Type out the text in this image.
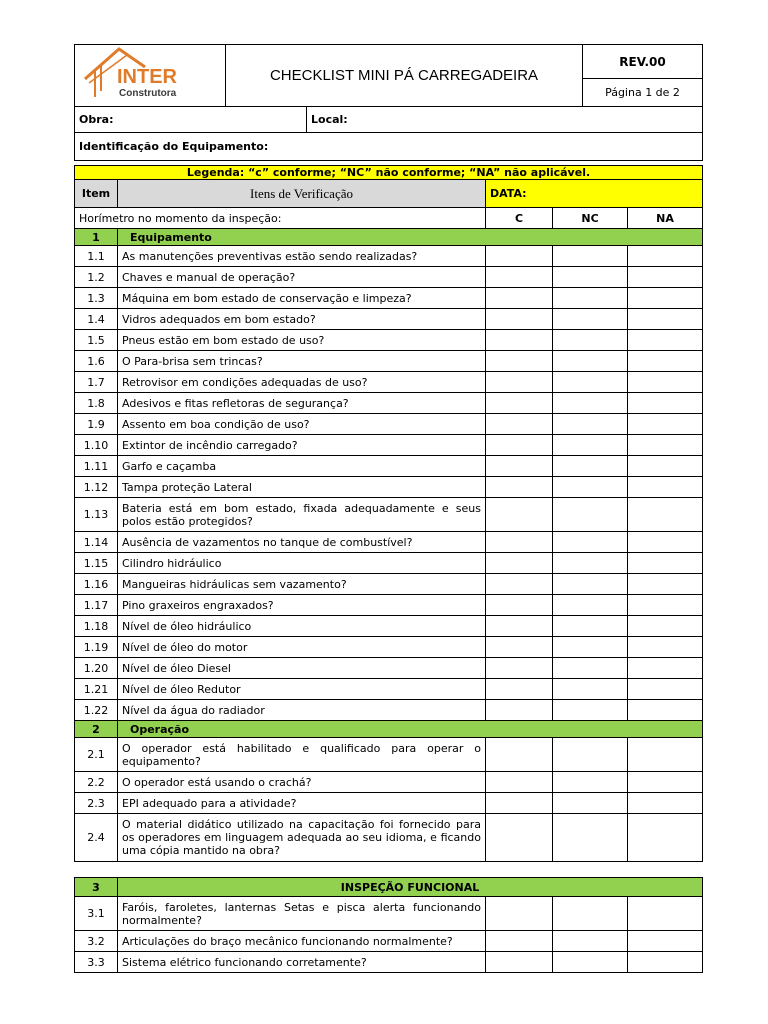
INTER
Construtora
	CHECKLIST MINI PÁ CARREGADEIRA	REV.00
Página 1 de 2
Obra:	Local:
Identificação do Equipamento:
Legenda: “c” conforme; “NC” não conforme; “NA” não aplicável.				
Item	Itens de Verificação	DATA:		
Horímetro no momento da inspeção:		C	NC	NA
1	Equipamento			
1.1	As manutenções preventivas estão sendo realizadas?			
1.2	Chaves e manual de operação?			
1.3	Máquina em bom estado de conservação e limpeza?			
1.4	Vidros adequados em bom estado?			
1.5	Pneus estão em bom estado de uso?			
1.6	O Para-brisa sem trincas?			
1.7	Retrovisor em condições adequadas de uso?			
1.8	Adesivos e fitas refletoras de segurança?			
1.9	Assento em boa condição de uso?			
1.10	Extintor de incêndio carregado?			
1.11	Garfo e caçamba			
1.12	Tampa proteção Lateral			
1.13	Bateria está em bom estado, fixada adequadamente e seus polos estão protegidos?			
1.14	Ausência de vazamentos no tanque de combustível?			
1.15	Cilindro hidráulico			
1.16	Mangueiras hidráulicas sem vazamento?			
1.17	Pino graxeiros engraxados?			
1.18	Nível de óleo hidráulico			
1.19	Nível de óleo do motor			
1.20	Nível de óleo Diesel			
1.21	Nível de óleo Redutor			
1.22	Nível da água do radiador			
2	Operação			
2.1	O operador está habilitado e qualificado para operar o equipamento?			
2.2	O operador está usando o crachá?			
2.3	EPI adequado para a atividade?			
2.4	O material didático utilizado na capacitação foi fornecido para os operadores em linguagem adequada ao seu idioma, e ficando uma cópia mantido na obra?			
3	INSPEÇÃO FUNCIONAL			
3.1	Faróis, faroletes, lanternas Setas e pisca alerta funcionando normalmente?			
3.2	Articulações do braço mecânico funcionando normalmente?			
3.3	Sistema elétrico funcionando corretamente?			
